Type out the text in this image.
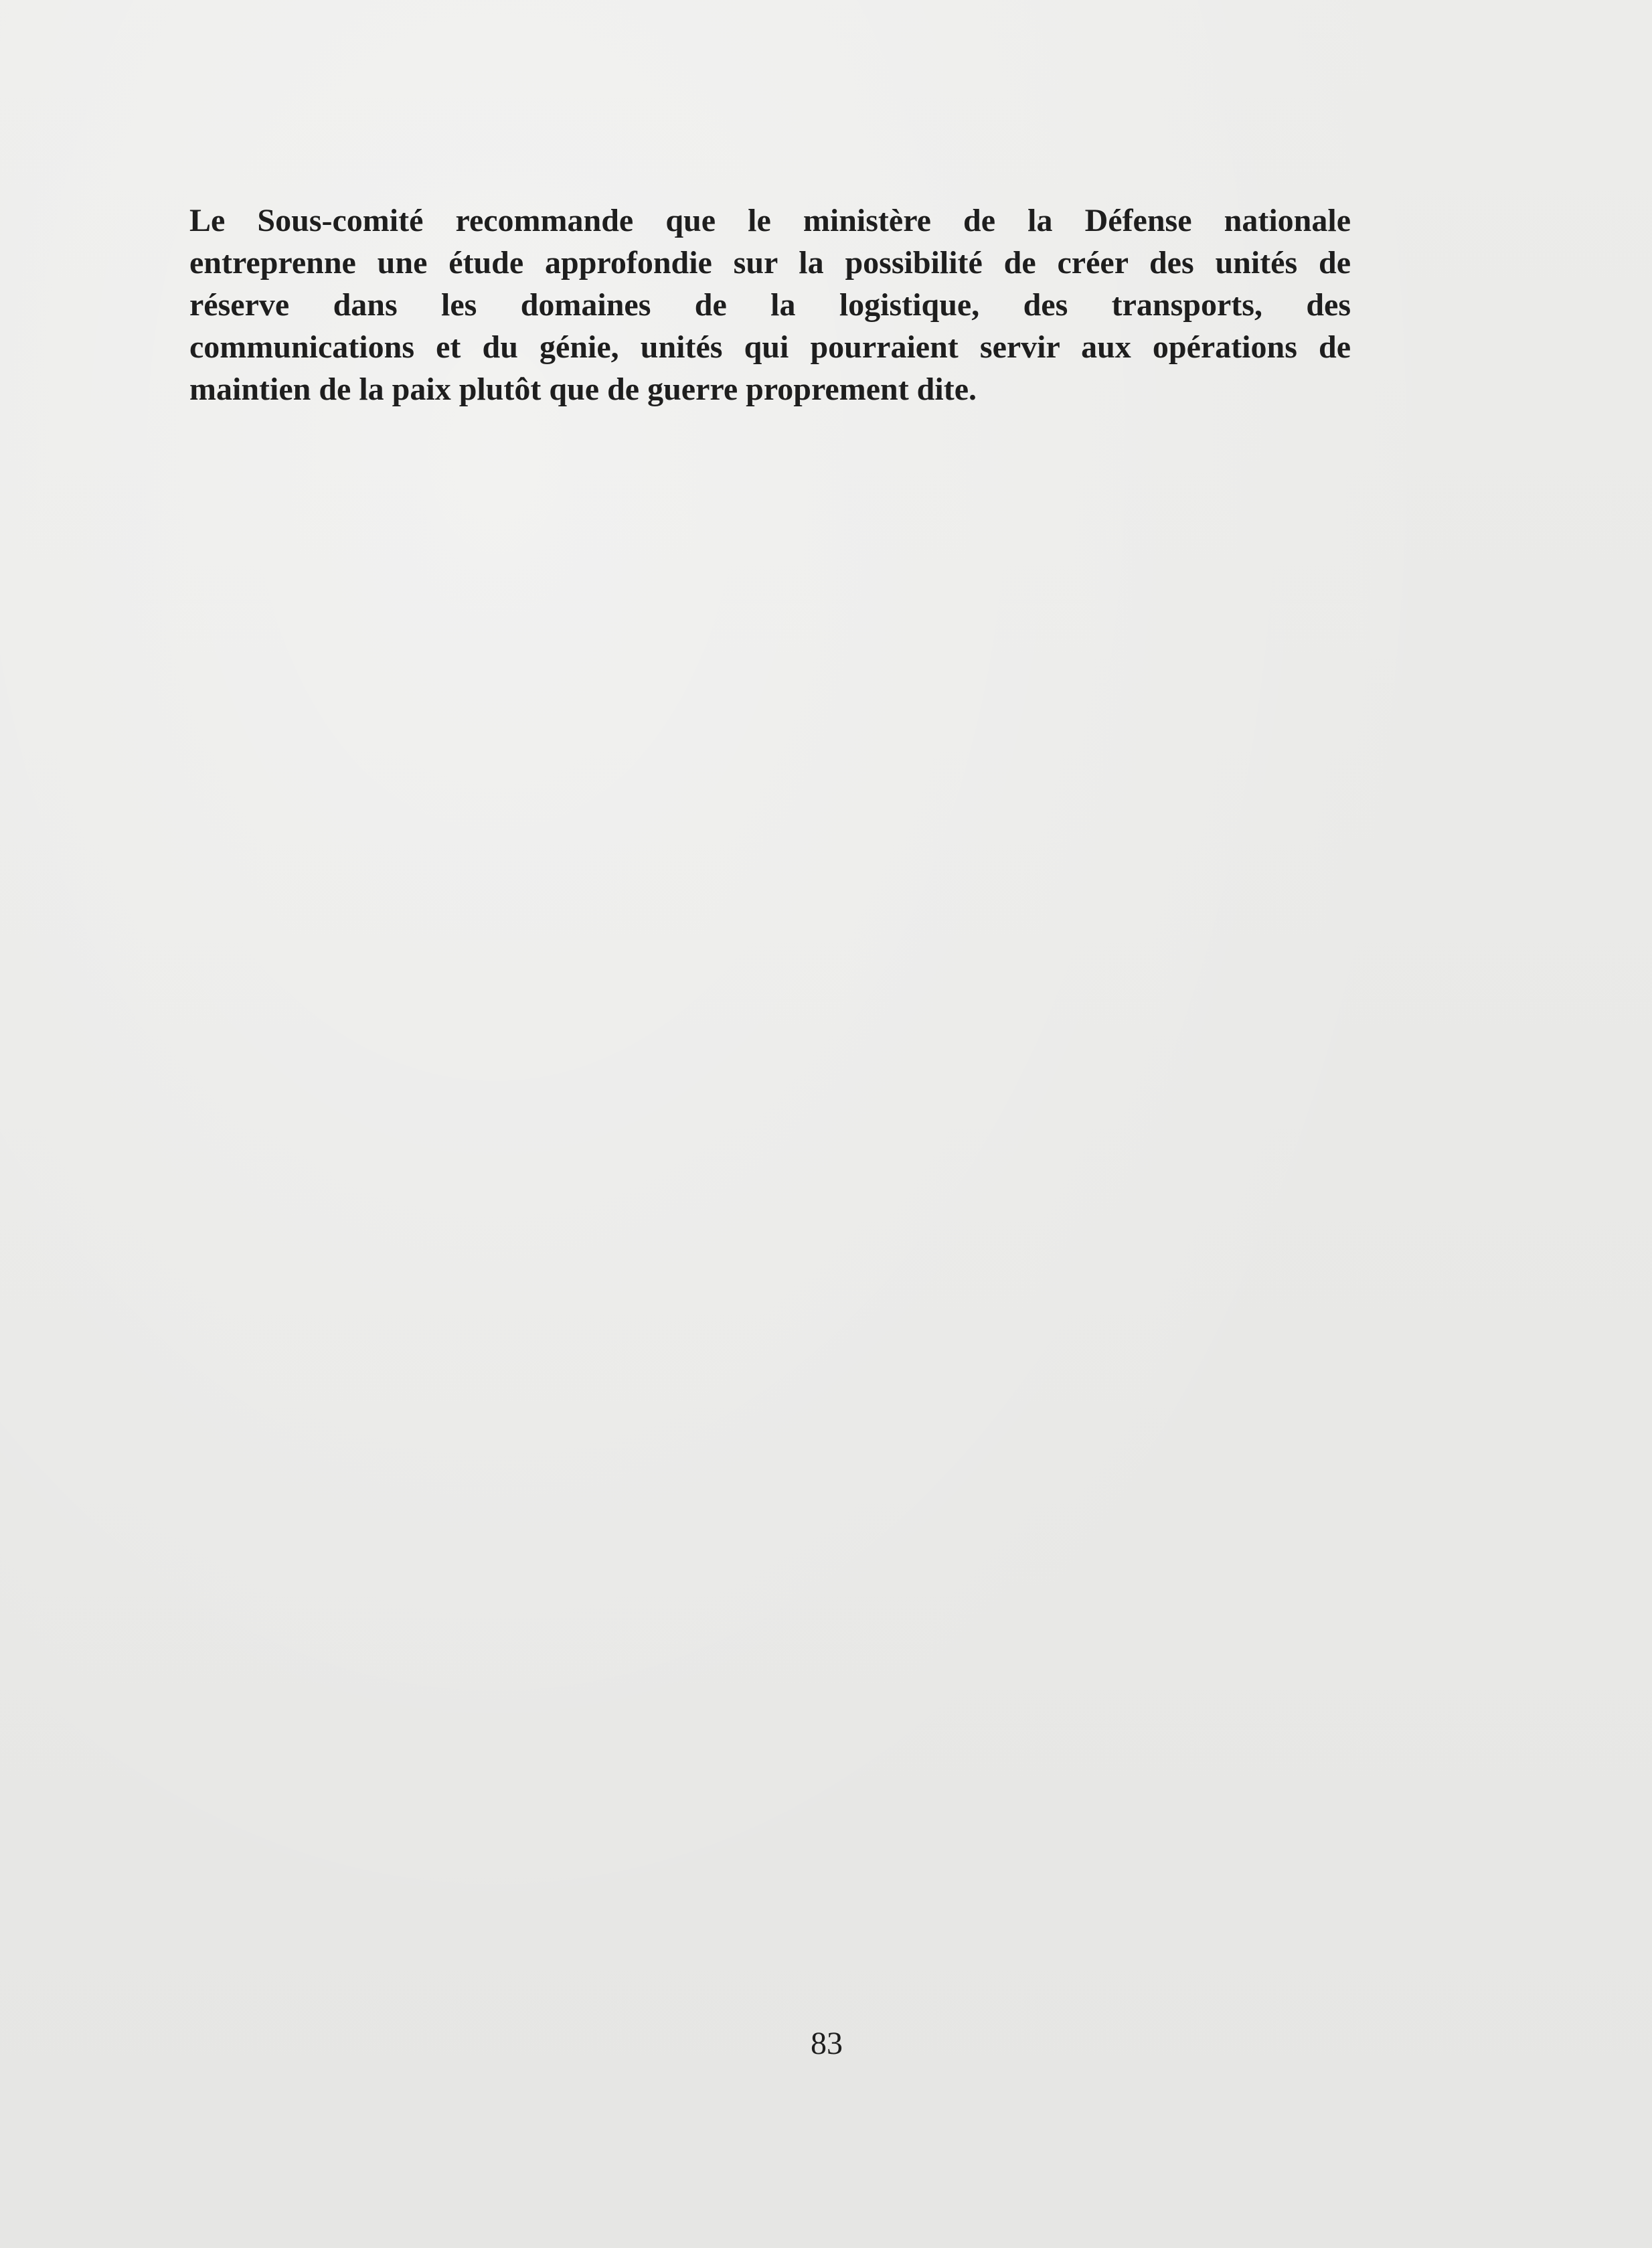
Le Sous-comité recommande que le ministère de la Défense nationale
entreprenne une étude approfondie sur la possibilité de créer des unités de
réserve dans les domaines de la logistique, des transports, des
communications et du génie, unités qui pourraient servir aux opérations de
maintien de la paix plutôt que de guerre proprement dite.

83
